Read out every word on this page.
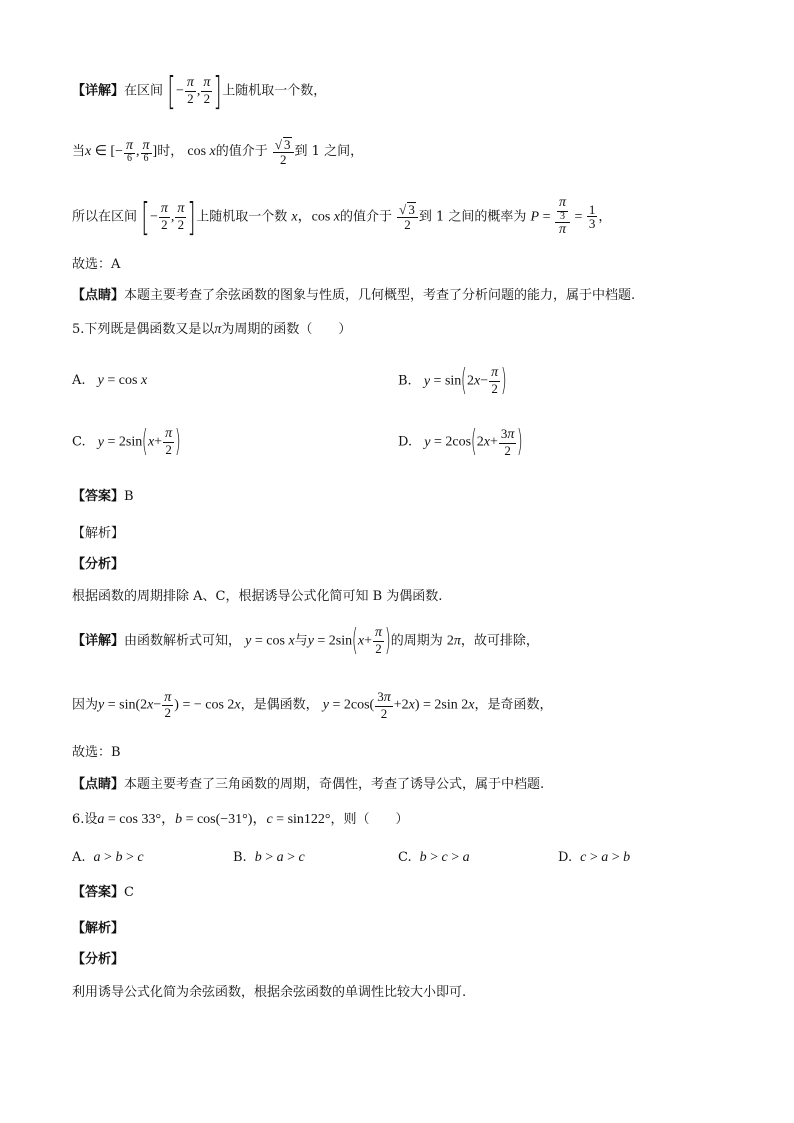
【详解】在区间 [− $\frac{\pi}{2}$ , $\frac{\pi}{2}$ ]上随机取一个数，
当x ∈ [− $\frac{\pi}{6}$ , $\frac{\pi}{6}$ ]时， cos x的值介于 $\frac{√ 3}{2}$ 到 1 之间，
所以在区间 [− $\frac{\pi}{2}$ , $\frac{\pi}{2}$ ]上随机取一个数 x，cos x的值介于 $\frac{√ 3}{2}$ 到 1 之间的概率为 $P = \frac{\frac{\pi}{3}}{\pi} = \frac{1}{3}$ ，
故选：A
【点睛】本题主要考查了余弦函数的图象与性质，几何概型，考查了分析问题的能力，属于中档题.
5.下列既是偶函数又是以π为周期的函数（　　）
A. y = cos x	B. $y = \sin(2x- \frac{\pi}{2}$ )
C. $y = 2\sin(x+ \frac{\pi}{2}$ )	D. $y = 2\cos(2x+ \frac{3\pi}{2}$ )
【答案】B
【解析】
【分析】
根据函数的周期排除 A、C，根据诱导公式化简可知 B 为偶函数.
【详解】由函数解析式可知， y = cos x与$y = 2\sin(x+ \frac{\pi}{2}$ )的周期为 2π，故可排除，
因为$y = \sin(2x- \frac{\pi}{2}$ ) = − cos 2x，是偶函数， $y = 2\cos( \frac{3\pi}{2} +2x) = 2\sin$ 2x，是奇函数，
故选：B
【点睛】本题主要考查了三角函数的周期，奇偶性，考查了诱导公式，属于中档题.
6.设a = cos 33°，b = cos(−31°)，c = sin122°，则（　　）
A. a > b > c	B. b > a > c	C. b > c > a	D. c > a > b
【答案】C
【解析】
【分析】
利用诱导公式化简为余弦函数，根据余弦函数的单调性比较大小即可.
